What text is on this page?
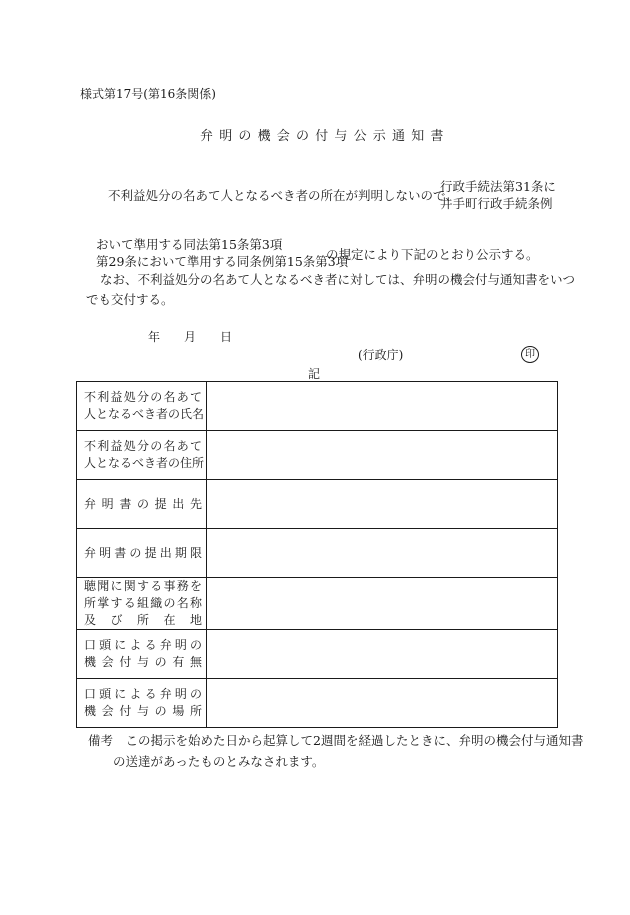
様式第17号(第16条関係)
弁明の機会の付与公示通知書
不利益処分の名あて人となるべき者の所在が判明しないので、
行政手続法第31条に
井手町行政手続条例
おいて準用する同法第15条第3項
第29条において準用する同条例第15条第3項
の規定により下記のとおり公示する。
なお、不利益処分の名あて人となるべき者に対しては、弁明の機会付与通知書をいつ
でも交付する。
年 月 日
(行政庁)	印
記
不利益処分の名あて
人となるべき者の氏名	

不利益処分の名あて
人となるべき者の住所	

弁明書の提出先	

弁明書の提出期限	

聴聞に関する事務を
所掌する組織の名称
及び所在地	

口頭による弁明の
機会付与の有無	

口頭による弁明の
機会付与の場所	

備考　この掲示を始めた日から起算して2週間を経過したときに、弁明の機会付与通知書
の送達があったものとみなされます。
